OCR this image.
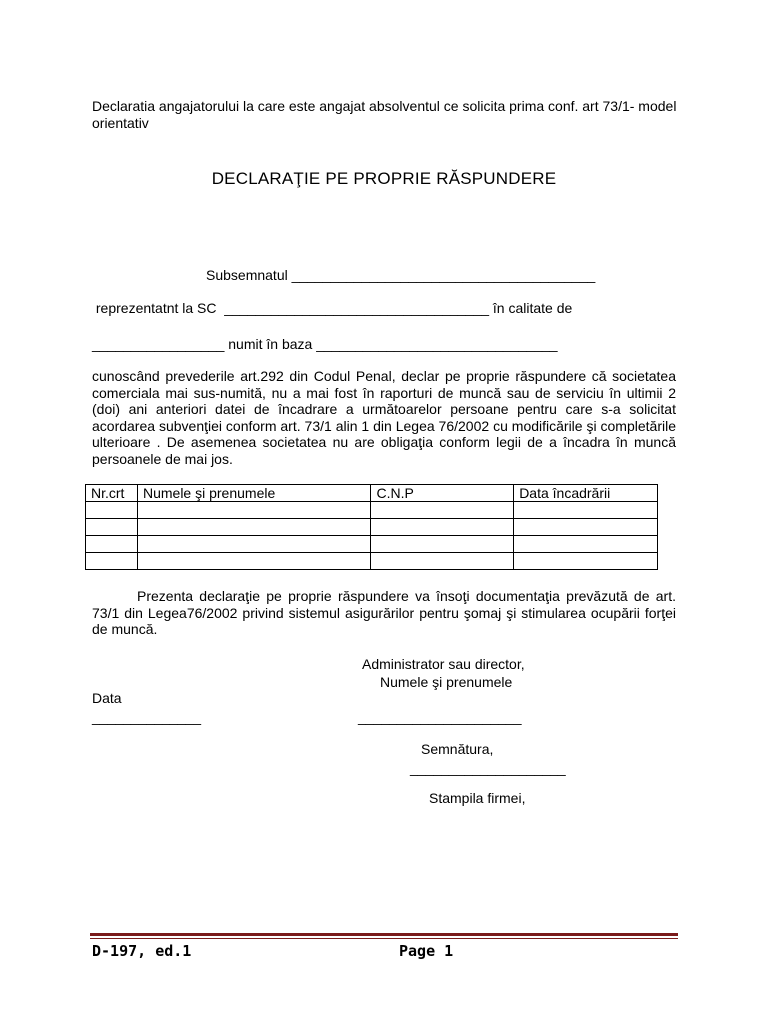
Declaratia angajatorului la care este angajat absolventul ce solicita prima conf. art 73/1- model orientativ
DECLARAŢIE PE PROPRIE RĂSPUNDERE
Subsemnatul _______________________________________
reprezentatnt la SC  __________________________________ în calitate de
_________________ numit în baza _______________________________
cunoscând prevederile art.292 din Codul Penal, declar pe proprie răspundere că societatea comerciala mai sus-numită, nu a mai fost în raporturi de muncă sau de serviciu în ultimii 2 (doi) ani anteriori datei de încadrare a următoarelor persoane pentru care s-a solicitat acordarea subvenţiei conform art. 73/1 alin 1 din Legea 76/2002 cu modificările şi completările ulterioare . De asemenea societatea nu are obligaţia conform legii de a încadra în muncă persoanele de mai jos.
Nr.crt	Numele şi prenumele	C.N.P	Data încadrării

Prezenta declaraţie pe proprie răspundere va însoţi documentaţia prevăzută de art. 73/1 din Legea76/2002 privind sistemul asigurărilor pentru şomaj şi stimularea ocupării forţei de muncă.
Administrator sau director,
Numele şi prenumele
Data
______________	_____________________
Semnătura,
____________________
Stampila firmei,
D-197, ed.1	Page 1
